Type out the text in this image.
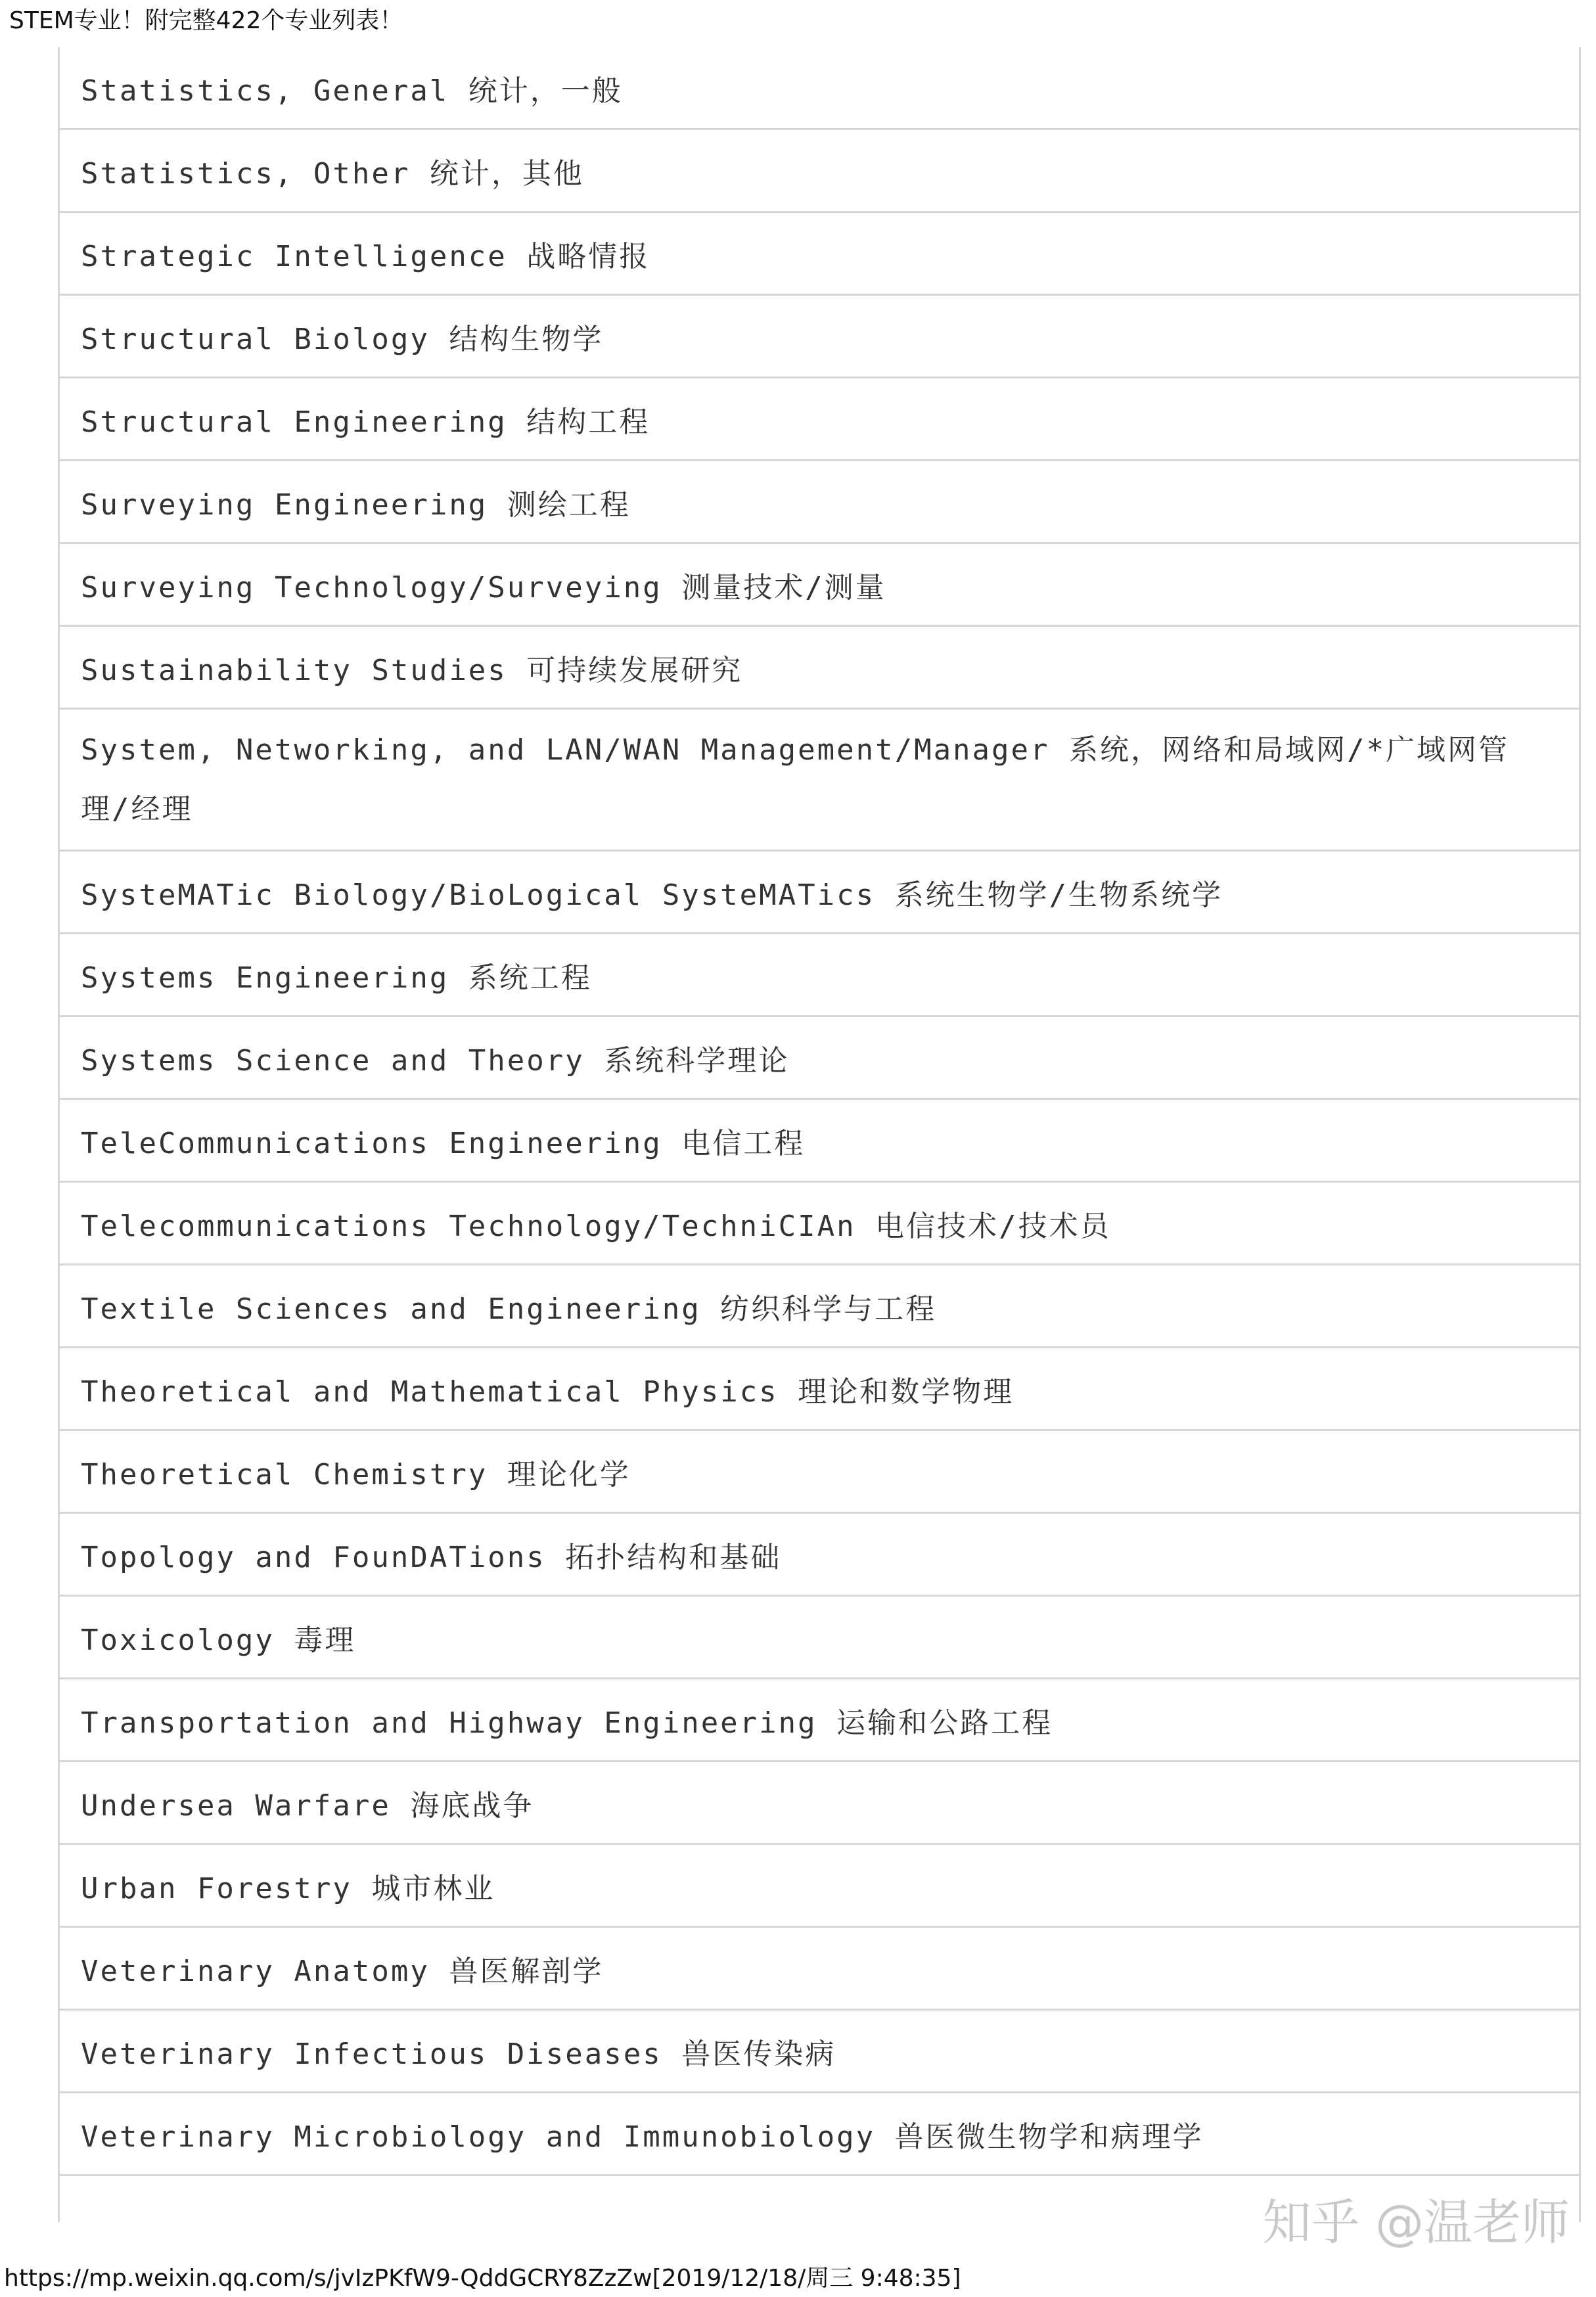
STEM专业！附完整422个专业列表！
Statistics, General 统计，一般
Statistics, Other 统计，其他
Strategic Intelligence 战略情报
Structural Biology 结构生物学
Structural Engineering 结构工程
Surveying Engineering 测绘工程
Surveying Technology/Surveying 测量技术/测量
Sustainability Studies 可持续发展研究
System, Networking, and LAN/WAN Management/Manager 系统，网络和局域网/*广域网管理/经理
SysteMATic Biology/BioLogical SysteMATics 系统生物学/生物系统学
Systems Engineering 系统工程
Systems Science and Theory 系统科学理论
TeleCommunications Engineering 电信工程
Telecommunications Technology/TechniCIAn 电信技术/技术员
Textile Sciences and Engineering 纺织科学与工程
Theoretical and Mathematical Physics 理论和数学物理
Theoretical Chemistry 理论化学
Topology and FounDATions 拓扑结构和基础
Toxicology 毒理
Transportation and Highway Engineering 运输和公路工程
Undersea Warfare 海底战争
Urban Forestry 城市林业
Veterinary Anatomy 兽医解剖学
Veterinary Infectious Diseases 兽医传染病
Veterinary Microbiology and Immunobiology 兽医微生物学和病理学
知乎 @温老师
https://mp.weixin.qq.com/s/jvIzPKfW9-QddGCRY8ZzZw[2019/12/18/周三 9:48:35]
